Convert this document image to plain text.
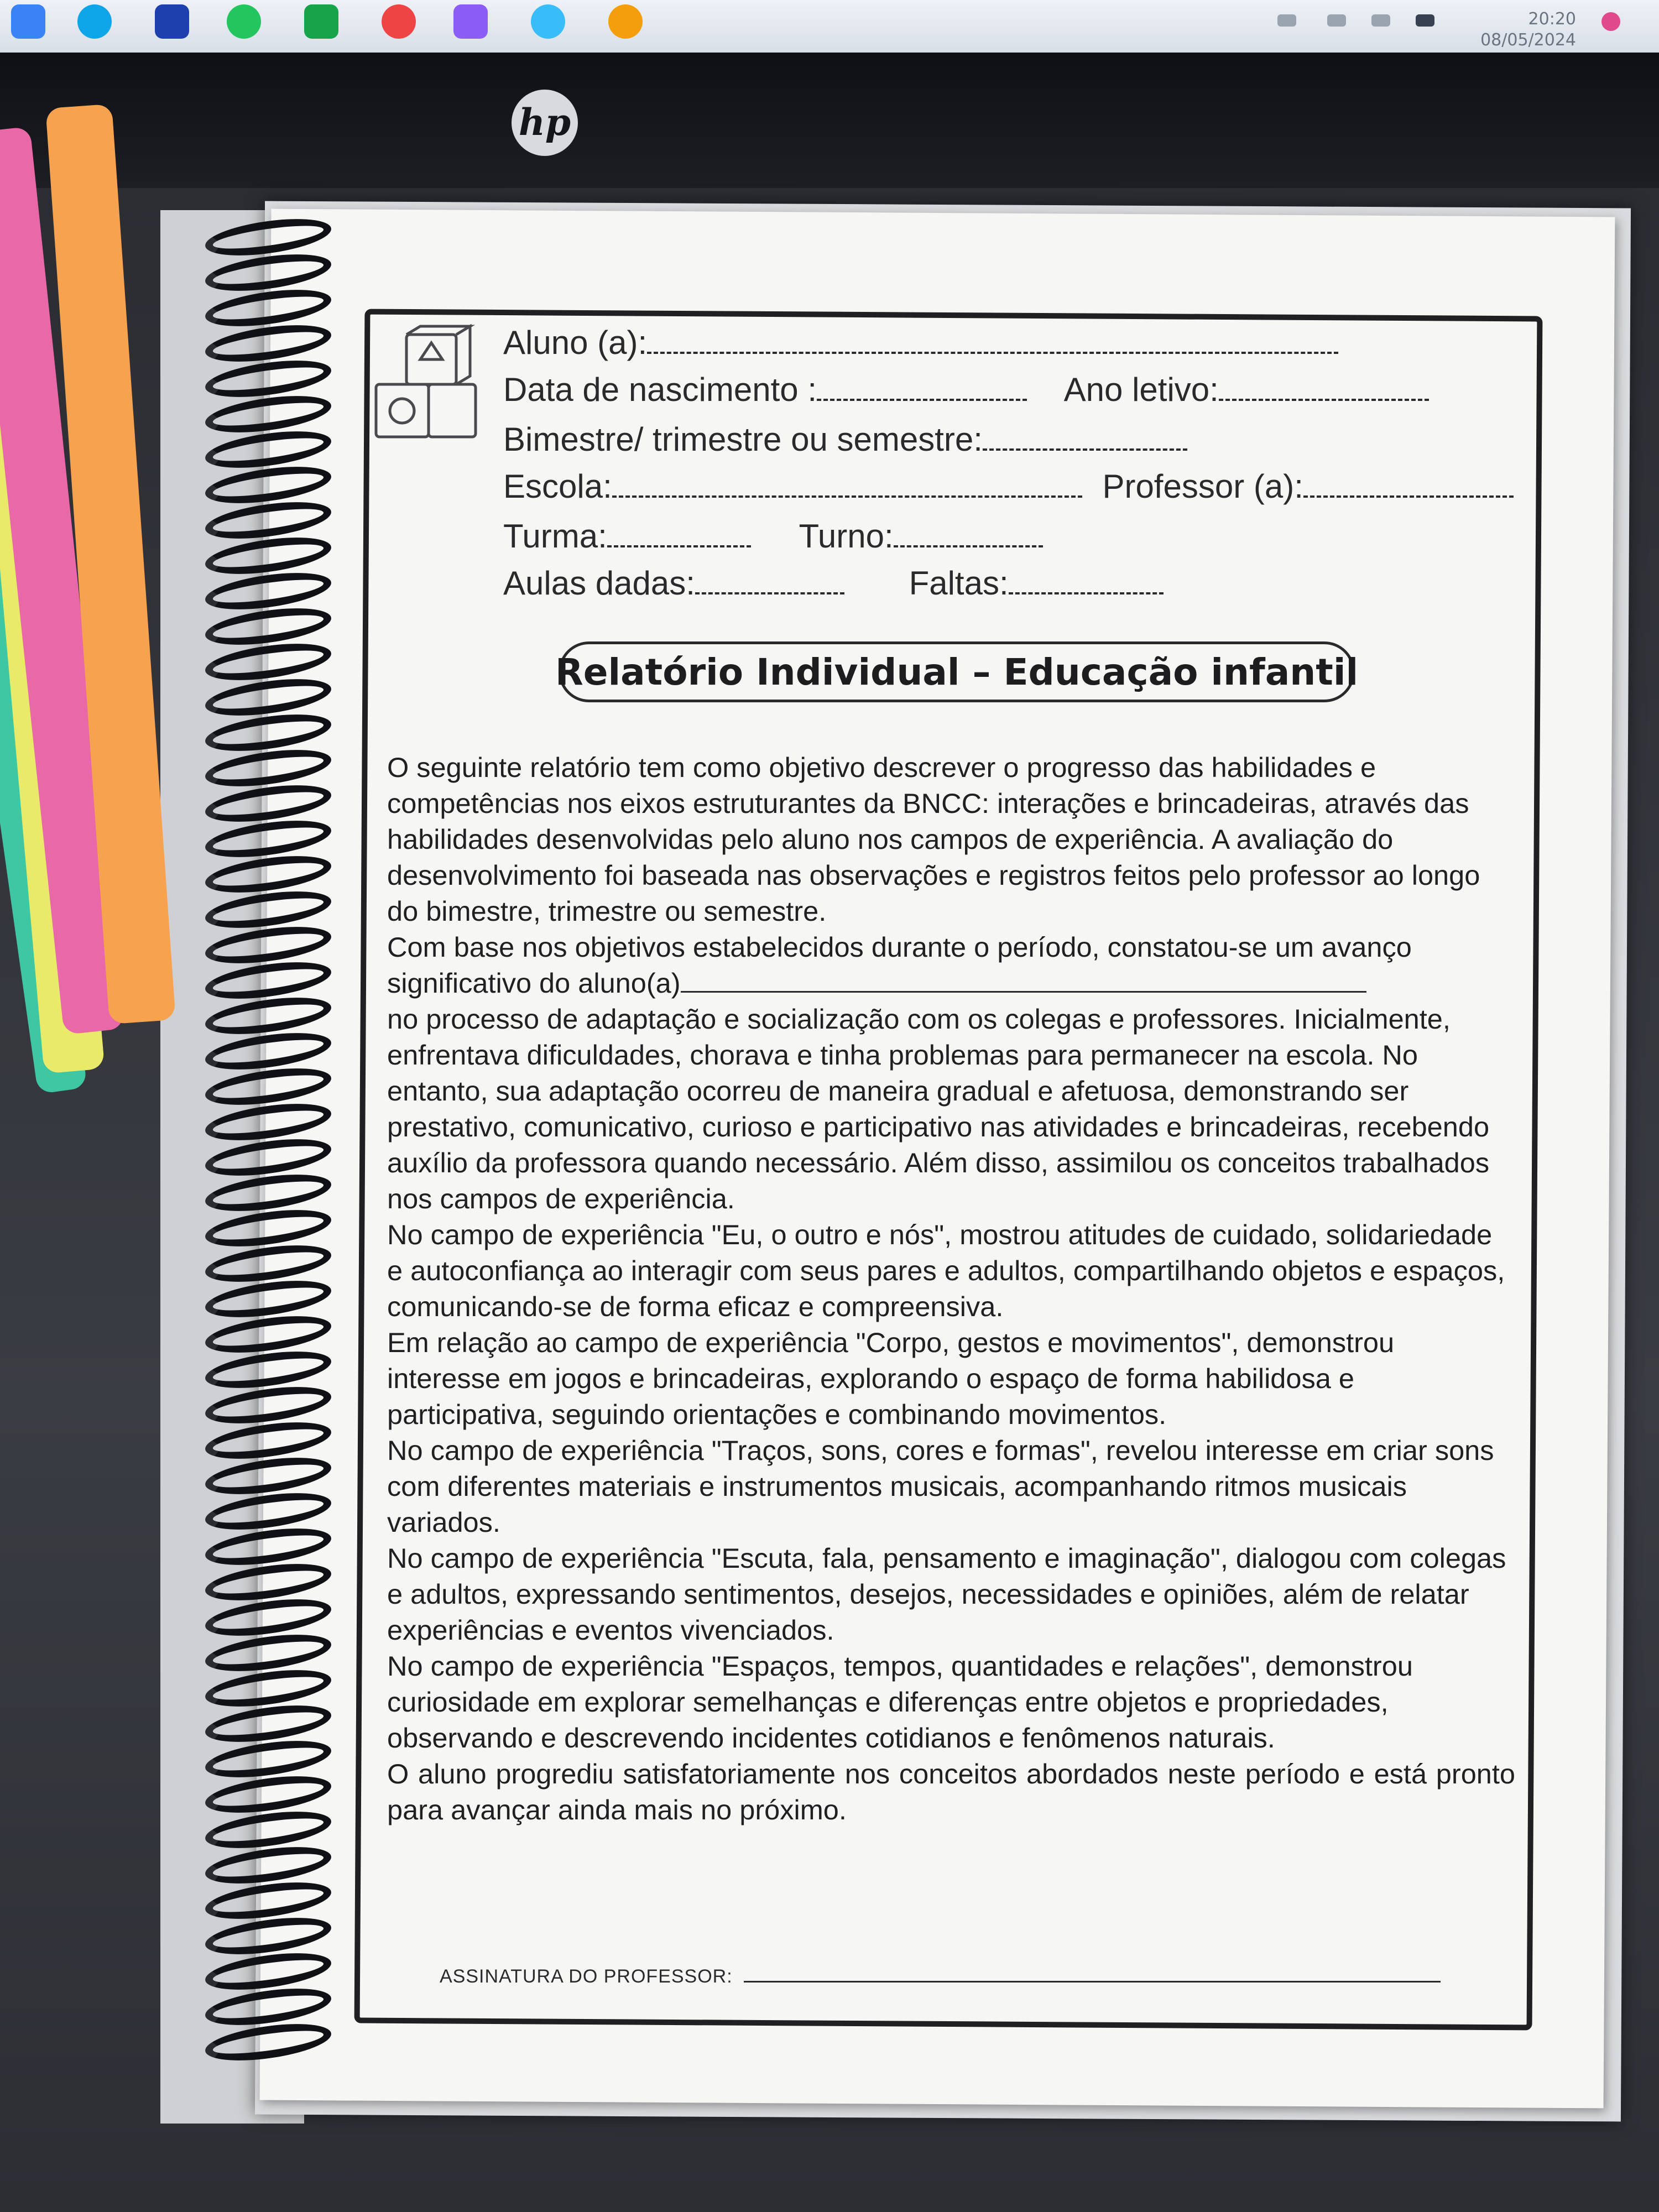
20:20
08/05/2024
hp
Aluno (a):
Data de nascimento :	Ano letivo:
Bimestre/ trimestre ou semestre:
Escola:	Professor (a):
Turma:	Turno:
Aulas dadas:	Faltas:
Relatório Individual – Educação infantil

O seguinte relatório tem como objetivo descrever o progresso das habilidades e competências nos eixos estruturantes da BNCC: interações e brincadeiras, através das habilidades desenvolvidas pelo aluno nos campos de experiência. A avaliação do desenvolvimento foi baseada nas observações e registros feitos pelo professor ao longo do bimestre, trimestre ou semestre.

Com base nos objetivos estabelecidos durante o período, constatou-se um avanço significativo do aluno(a)

no processo de adaptação e socialização com os colegas e professores. Inicialmente, enfrentava dificuldades, chorava e tinha problemas para permanecer na escola. No entanto, sua adaptação ocorreu de maneira gradual e afetuosa, demonstrando ser prestativo, comunicativo, curioso e participativo nas atividades e brincadeiras, recebendo auxílio da professora quando necessário. Além disso, assimilou os conceitos trabalhados nos campos de experiência.

No campo de experiência "Eu, o outro e nós", mostrou atitudes de cuidado, solidariedade e autoconfiança ao interagir com seus pares e adultos, compartilhando objetos e espaços, comunicando-se de forma eficaz e compreensiva.

Em relação ao campo de experiência "Corpo, gestos e movimentos", demonstrou interesse em jogos e brincadeiras, explorando o espaço de forma habilidosa e participativa, seguindo orientações e combinando movimentos.

No campo de experiência "Traços, sons, cores e formas", revelou interesse em criar sons com diferentes materiais e instrumentos musicais, acompanhando ritmos musicais variados.

No campo de experiência "Escuta, fala, pensamento e imaginação", dialogou com colegas e adultos, expressando sentimentos, desejos, necessidades e opiniões, além de relatar experiências e eventos vivenciados.

No campo de experiência "Espaços, tempos, quantidades e relações", demonstrou curiosidade em explorar semelhanças e diferenças entre objetos e propriedades, observando e descrevendo incidentes cotidianos e fenômenos naturais.

O aluno progrediu satisfatoriamente nos conceitos abordados neste período e está pronto para avançar ainda mais no próximo.

ASSINATURA DO PROFESSOR:
